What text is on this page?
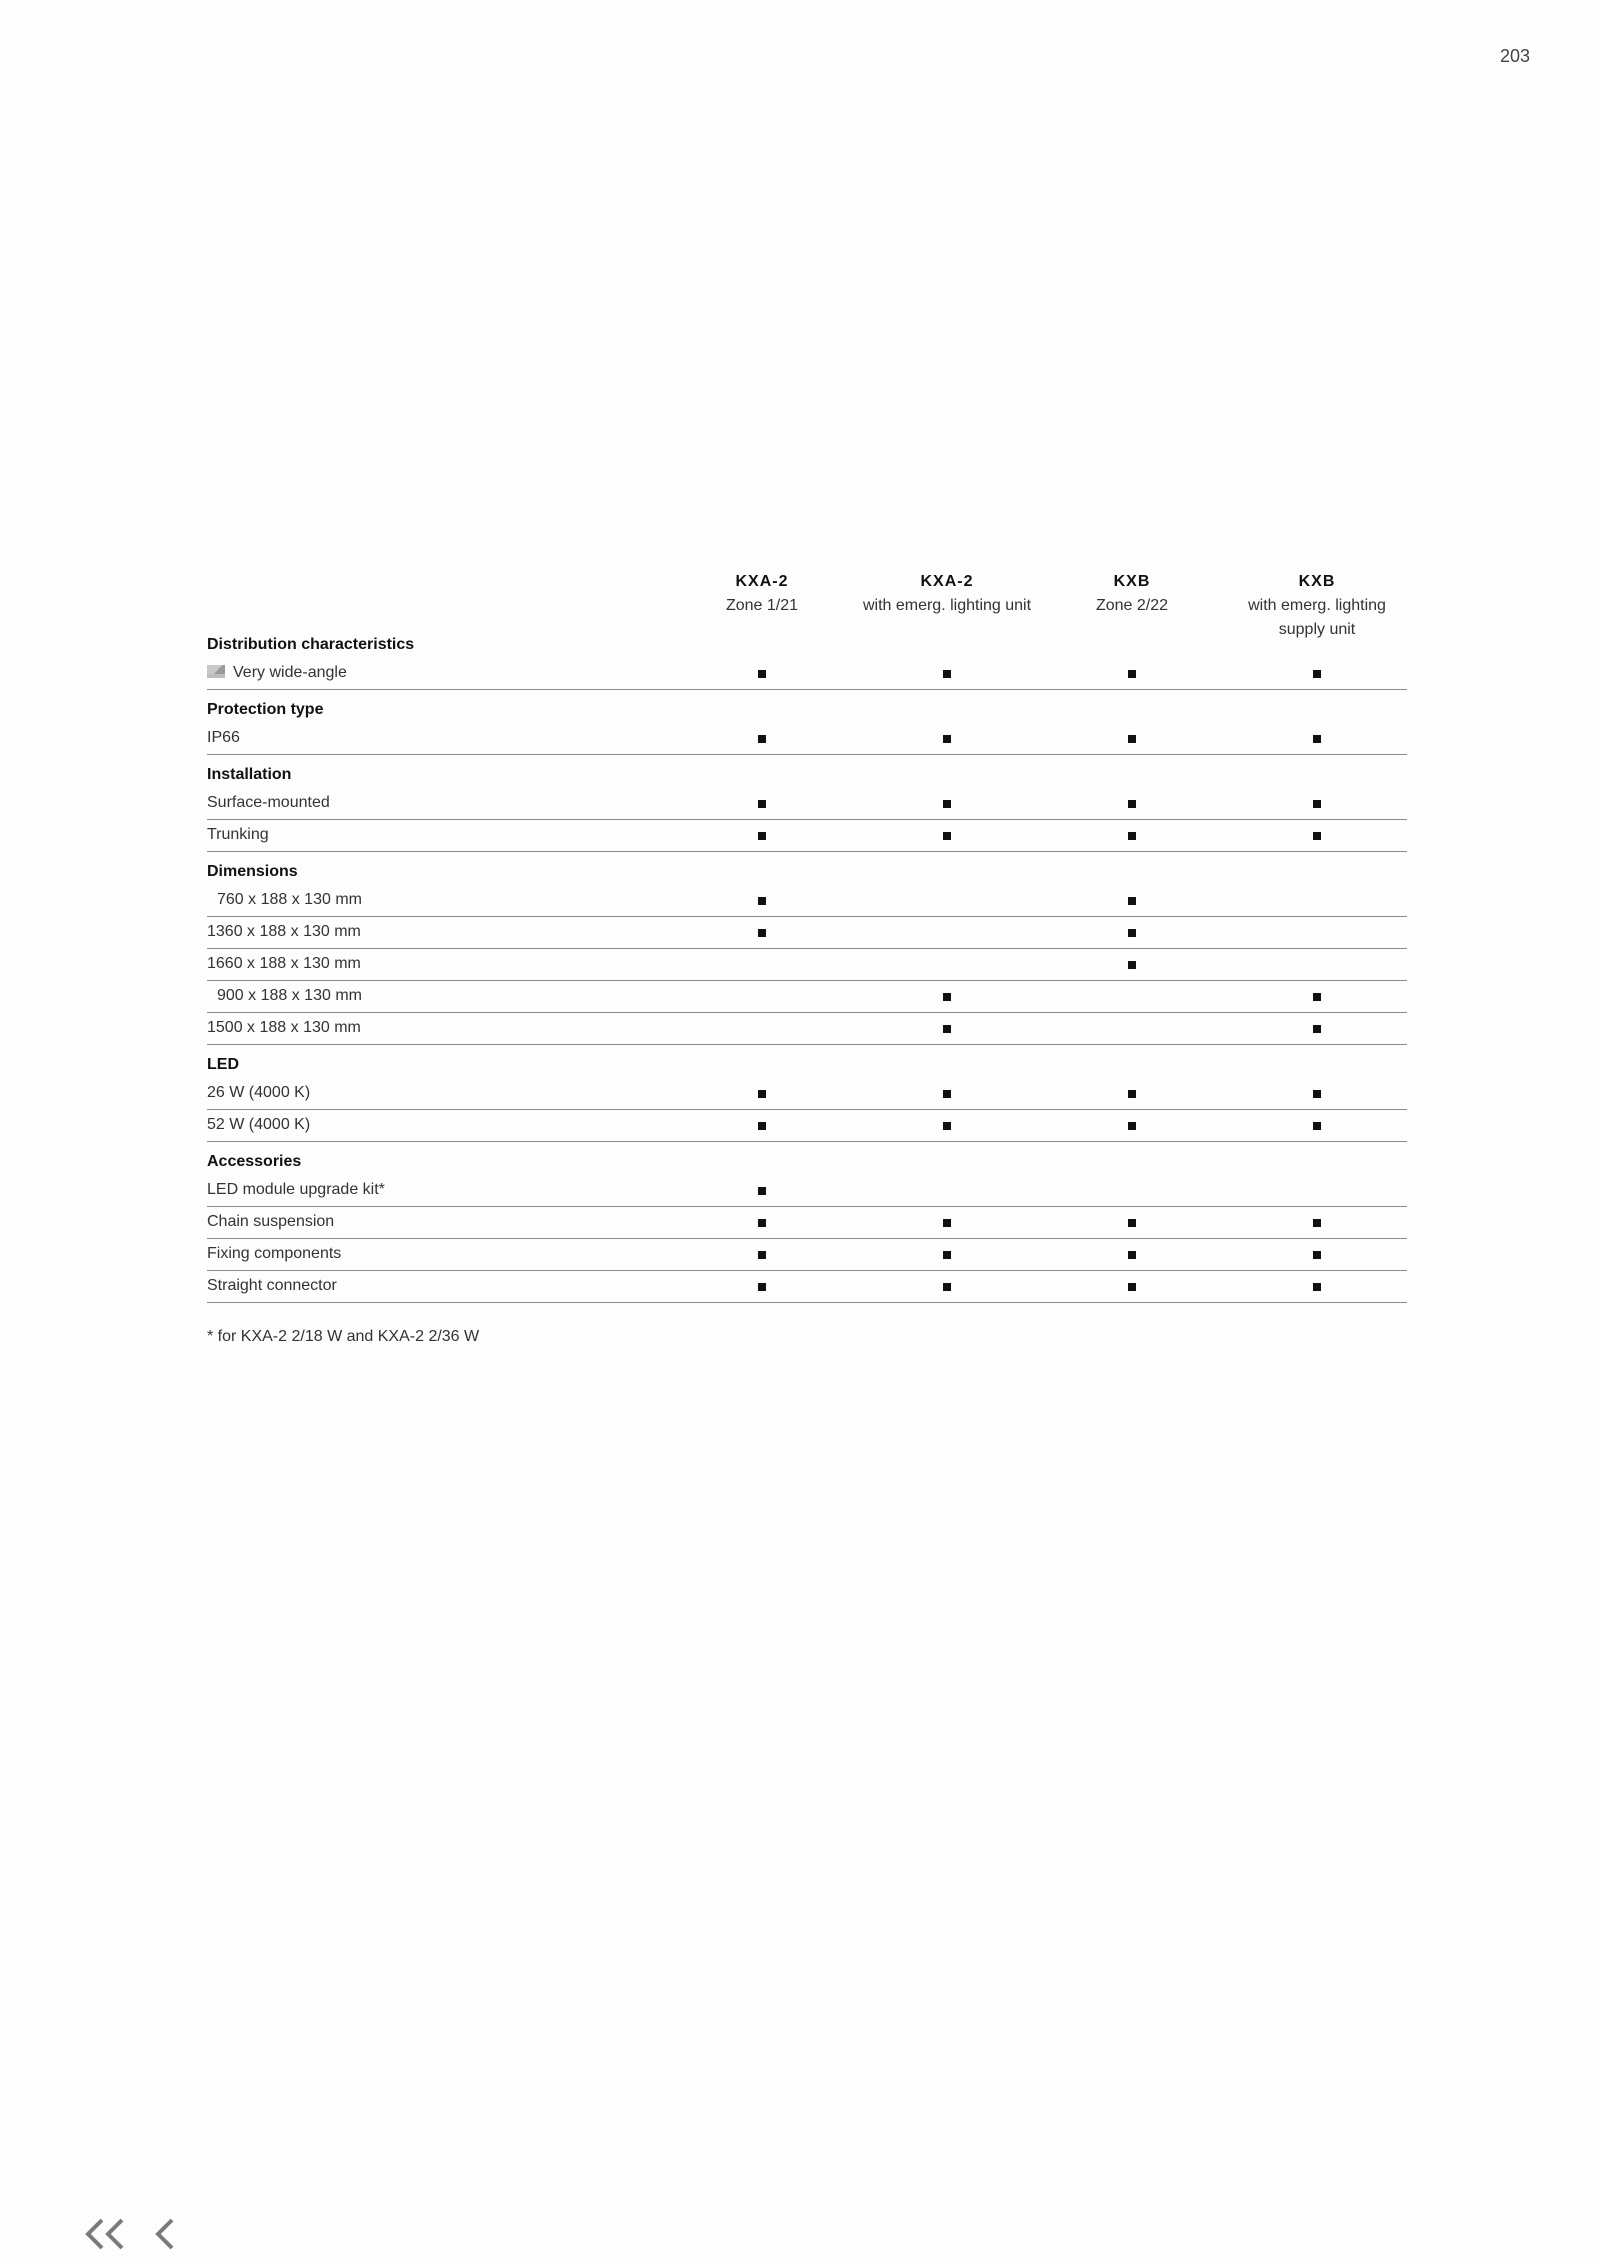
203
KXA-2
Zone 1/21
KXA-2
with emerg. lighting unit
KXB
Zone 2/22
KXB
with emerg. lighting supply unit
Distribution characteristics
Very wide-angle
Protection type
IP66
Installation
Surface-mounted
Trunking
Dimensions
760 x 188 x 130 mm
1360 x 188 x 130 mm
1660 x 188 x 130 mm
900 x 188 x 130 mm
1500 x 188 x 130 mm
LED
26 W (4000 K)
52 W (4000 K)
Accessories
LED module upgrade kit*
Chain suspension
Fixing components
Straight connector
* for KXA-2 2/18 W and KXA-2 2/36 W
